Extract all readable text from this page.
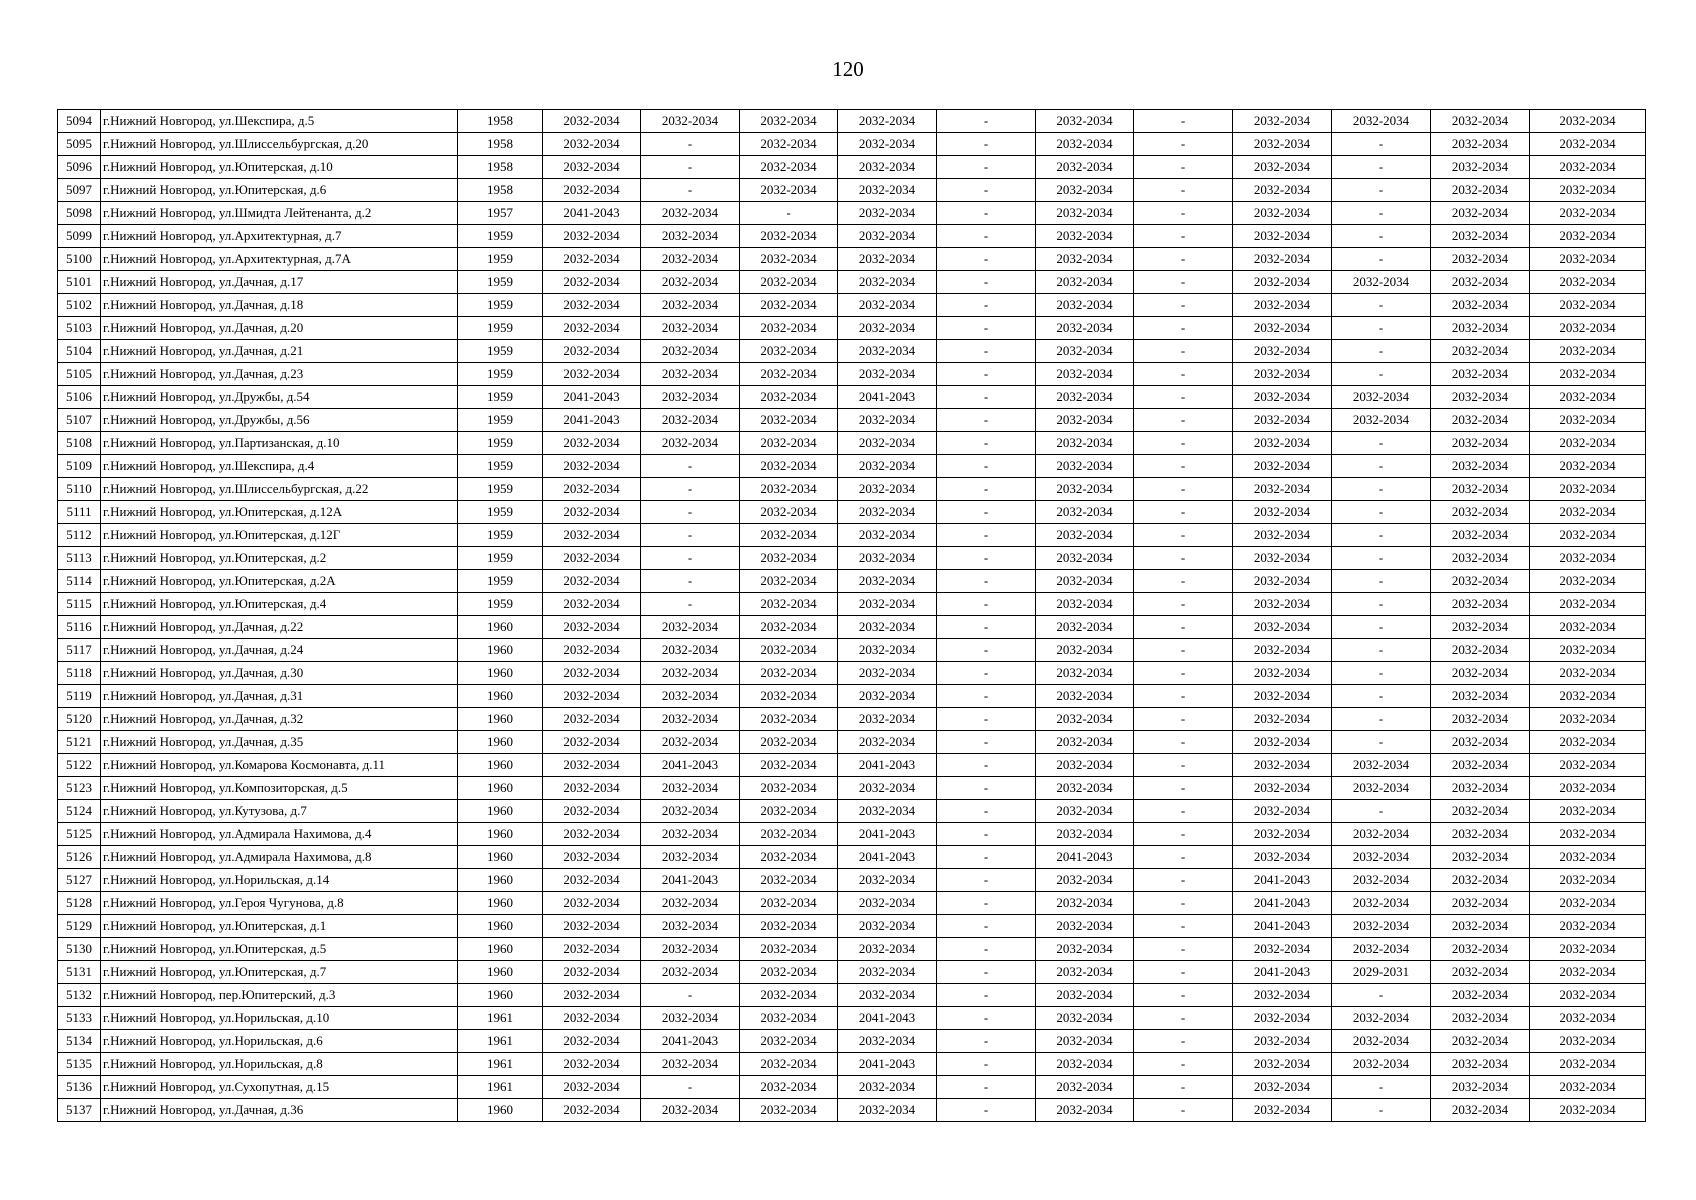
120
5094	г.Нижний Новгород, ул.Шекспира, д.5	1958	2032-2034	2032-2034	2032-2034	2032-2034	-	2032-2034	-	2032-2034	2032-2034	2032-2034	2032-2034
5095	г.Нижний Новгород, ул.Шлиссельбургская, д.20	1958	2032-2034	-	2032-2034	2032-2034	-	2032-2034	-	2032-2034	-	2032-2034	2032-2034
5096	г.Нижний Новгород, ул.Юпитерская, д.10	1958	2032-2034	-	2032-2034	2032-2034	-	2032-2034	-	2032-2034	-	2032-2034	2032-2034
5097	г.Нижний Новгород, ул.Юпитерская, д.6	1958	2032-2034	-	2032-2034	2032-2034	-	2032-2034	-	2032-2034	-	2032-2034	2032-2034
5098	г.Нижний Новгород, ул.Шмидта Лейтенанта, д.2	1957	2041-2043	2032-2034	-	2032-2034	-	2032-2034	-	2032-2034	-	2032-2034	2032-2034
5099	г.Нижний Новгород, ул.Архитектурная, д.7	1959	2032-2034	2032-2034	2032-2034	2032-2034	-	2032-2034	-	2032-2034	-	2032-2034	2032-2034
5100	г.Нижний Новгород, ул.Архитектурная, д.7А	1959	2032-2034	2032-2034	2032-2034	2032-2034	-	2032-2034	-	2032-2034	-	2032-2034	2032-2034
5101	г.Нижний Новгород, ул.Дачная, д.17	1959	2032-2034	2032-2034	2032-2034	2032-2034	-	2032-2034	-	2032-2034	2032-2034	2032-2034	2032-2034
5102	г.Нижний Новгород, ул.Дачная, д.18	1959	2032-2034	2032-2034	2032-2034	2032-2034	-	2032-2034	-	2032-2034	-	2032-2034	2032-2034
5103	г.Нижний Новгород, ул.Дачная, д.20	1959	2032-2034	2032-2034	2032-2034	2032-2034	-	2032-2034	-	2032-2034	-	2032-2034	2032-2034
5104	г.Нижний Новгород, ул.Дачная, д.21	1959	2032-2034	2032-2034	2032-2034	2032-2034	-	2032-2034	-	2032-2034	-	2032-2034	2032-2034
5105	г.Нижний Новгород, ул.Дачная, д.23	1959	2032-2034	2032-2034	2032-2034	2032-2034	-	2032-2034	-	2032-2034	-	2032-2034	2032-2034
5106	г.Нижний Новгород, ул.Дружбы, д.54	1959	2041-2043	2032-2034	2032-2034	2041-2043	-	2032-2034	-	2032-2034	2032-2034	2032-2034	2032-2034
5107	г.Нижний Новгород, ул.Дружбы, д.56	1959	2041-2043	2032-2034	2032-2034	2032-2034	-	2032-2034	-	2032-2034	2032-2034	2032-2034	2032-2034
5108	г.Нижний Новгород, ул.Партизанская, д.10	1959	2032-2034	2032-2034	2032-2034	2032-2034	-	2032-2034	-	2032-2034	-	2032-2034	2032-2034
5109	г.Нижний Новгород, ул.Шекспира, д.4	1959	2032-2034	-	2032-2034	2032-2034	-	2032-2034	-	2032-2034	-	2032-2034	2032-2034
5110	г.Нижний Новгород, ул.Шлиссельбургская, д.22	1959	2032-2034	-	2032-2034	2032-2034	-	2032-2034	-	2032-2034	-	2032-2034	2032-2034
5111	г.Нижний Новгород, ул.Юпитерская, д.12А	1959	2032-2034	-	2032-2034	2032-2034	-	2032-2034	-	2032-2034	-	2032-2034	2032-2034
5112	г.Нижний Новгород, ул.Юпитерская, д.12Г	1959	2032-2034	-	2032-2034	2032-2034	-	2032-2034	-	2032-2034	-	2032-2034	2032-2034
5113	г.Нижний Новгород, ул.Юпитерская, д.2	1959	2032-2034	-	2032-2034	2032-2034	-	2032-2034	-	2032-2034	-	2032-2034	2032-2034
5114	г.Нижний Новгород, ул.Юпитерская, д.2А	1959	2032-2034	-	2032-2034	2032-2034	-	2032-2034	-	2032-2034	-	2032-2034	2032-2034
5115	г.Нижний Новгород, ул.Юпитерская, д.4	1959	2032-2034	-	2032-2034	2032-2034	-	2032-2034	-	2032-2034	-	2032-2034	2032-2034
5116	г.Нижний Новгород, ул.Дачная, д.22	1960	2032-2034	2032-2034	2032-2034	2032-2034	-	2032-2034	-	2032-2034	-	2032-2034	2032-2034
5117	г.Нижний Новгород, ул.Дачная, д.24	1960	2032-2034	2032-2034	2032-2034	2032-2034	-	2032-2034	-	2032-2034	-	2032-2034	2032-2034
5118	г.Нижний Новгород, ул.Дачная, д.30	1960	2032-2034	2032-2034	2032-2034	2032-2034	-	2032-2034	-	2032-2034	-	2032-2034	2032-2034
5119	г.Нижний Новгород, ул.Дачная, д.31	1960	2032-2034	2032-2034	2032-2034	2032-2034	-	2032-2034	-	2032-2034	-	2032-2034	2032-2034
5120	г.Нижний Новгород, ул.Дачная, д.32	1960	2032-2034	2032-2034	2032-2034	2032-2034	-	2032-2034	-	2032-2034	-	2032-2034	2032-2034
5121	г.Нижний Новгород, ул.Дачная, д.35	1960	2032-2034	2032-2034	2032-2034	2032-2034	-	2032-2034	-	2032-2034	-	2032-2034	2032-2034
5122	г.Нижний Новгород, ул.Комарова Космонавта, д.11	1960	2032-2034	2041-2043	2032-2034	2041-2043	-	2032-2034	-	2032-2034	2032-2034	2032-2034	2032-2034
5123	г.Нижний Новгород, ул.Композиторская, д.5	1960	2032-2034	2032-2034	2032-2034	2032-2034	-	2032-2034	-	2032-2034	2032-2034	2032-2034	2032-2034
5124	г.Нижний Новгород, ул.Кутузова, д.7	1960	2032-2034	2032-2034	2032-2034	2032-2034	-	2032-2034	-	2032-2034	-	2032-2034	2032-2034
5125	г.Нижний Новгород, ул.Адмирала Нахимова, д.4	1960	2032-2034	2032-2034	2032-2034	2041-2043	-	2032-2034	-	2032-2034	2032-2034	2032-2034	2032-2034
5126	г.Нижний Новгород, ул.Адмирала Нахимова, д.8	1960	2032-2034	2032-2034	2032-2034	2041-2043	-	2041-2043	-	2032-2034	2032-2034	2032-2034	2032-2034
5127	г.Нижний Новгород, ул.Норильская, д.14	1960	2032-2034	2041-2043	2032-2034	2032-2034	-	2032-2034	-	2041-2043	2032-2034	2032-2034	2032-2034
5128	г.Нижний Новгород, ул.Героя Чугунова, д.8	1960	2032-2034	2032-2034	2032-2034	2032-2034	-	2032-2034	-	2041-2043	2032-2034	2032-2034	2032-2034
5129	г.Нижний Новгород, ул.Юпитерская, д.1	1960	2032-2034	2032-2034	2032-2034	2032-2034	-	2032-2034	-	2041-2043	2032-2034	2032-2034	2032-2034
5130	г.Нижний Новгород, ул.Юпитерская, д.5	1960	2032-2034	2032-2034	2032-2034	2032-2034	-	2032-2034	-	2032-2034	2032-2034	2032-2034	2032-2034
5131	г.Нижний Новгород, ул.Юпитерская, д.7	1960	2032-2034	2032-2034	2032-2034	2032-2034	-	2032-2034	-	2041-2043	2029-2031	2032-2034	2032-2034
5132	г.Нижний Новгород, пер.Юпитерский, д.3	1960	2032-2034	-	2032-2034	2032-2034	-	2032-2034	-	2032-2034	-	2032-2034	2032-2034
5133	г.Нижний Новгород, ул.Норильская, д.10	1961	2032-2034	2032-2034	2032-2034	2041-2043	-	2032-2034	-	2032-2034	2032-2034	2032-2034	2032-2034
5134	г.Нижний Новгород, ул.Норильская, д.6	1961	2032-2034	2041-2043	2032-2034	2032-2034	-	2032-2034	-	2032-2034	2032-2034	2032-2034	2032-2034
5135	г.Нижний Новгород, ул.Норильская, д.8	1961	2032-2034	2032-2034	2032-2034	2041-2043	-	2032-2034	-	2032-2034	2032-2034	2032-2034	2032-2034
5136	г.Нижний Новгород, ул.Сухопутная, д.15	1961	2032-2034	-	2032-2034	2032-2034	-	2032-2034	-	2032-2034	-	2032-2034	2032-2034
5137	г.Нижний Новгород, ул.Дачная, д.36	1960	2032-2034	2032-2034	2032-2034	2032-2034	-	2032-2034	-	2032-2034	-	2032-2034	2032-2034
